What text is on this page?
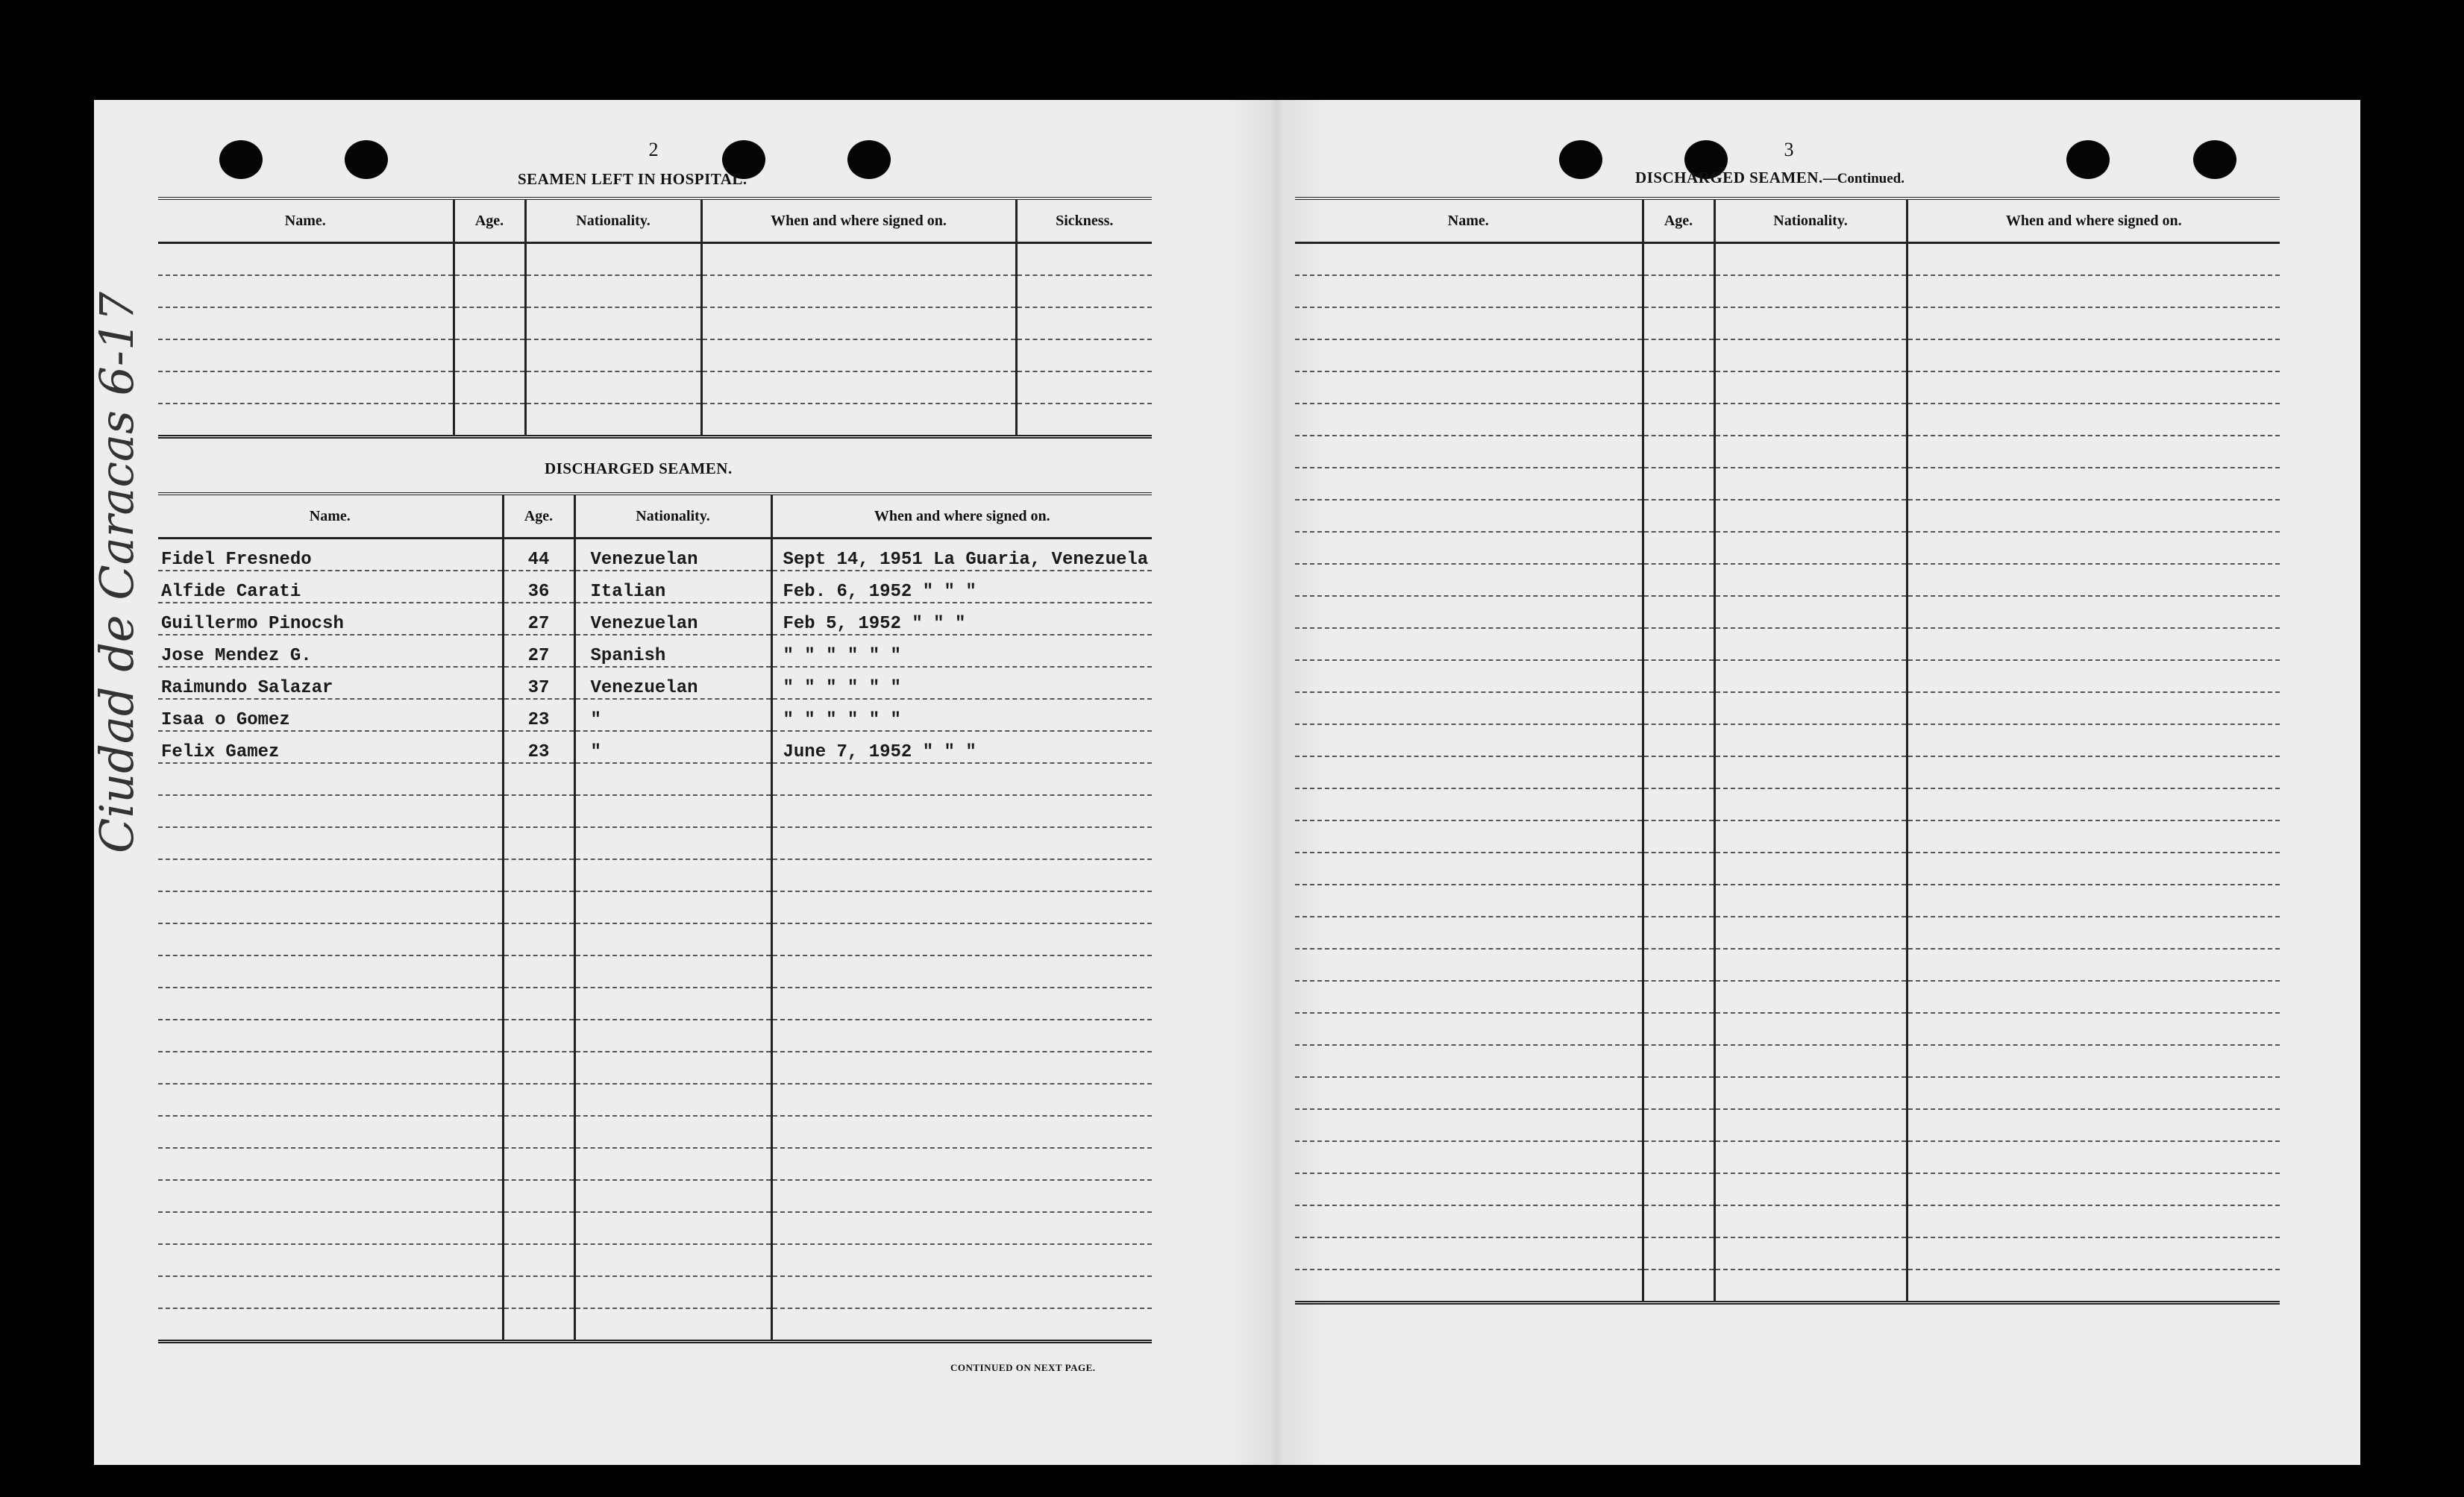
Ciudad de Caracas 6-17
2
SEAMEN LEFT IN HOSPITAL.
Name.	Age.	Nationality.	When and where signed on.	Sickness.

DISCHARGED SEAMEN.
Name.	Age.	Nationality.	When and where signed on.
Fidel Fresnedo	44	Venezuelan	Sept 14, 1951 La Guaria, Venezuela
Alfide Carati	36	Italian	Feb. 6, 1952 " " "
Guillermo Pinocsh	27	Venezuelan	Feb 5, 1952 " " "
Jose Mendez G.	27	Spanish	" " " " " "
Raimundo Salazar	37	Venezuelan	" " " " " "
Isaa o Gomez	23	"	" " " " " "
Felix Gamez	23	"	June 7, 1952 " " "

CONTINUED ON NEXT PAGE.
3
DISCHARGED SEAMEN.—Continued.
Name.	Age.	Nationality.	When and where signed on.
